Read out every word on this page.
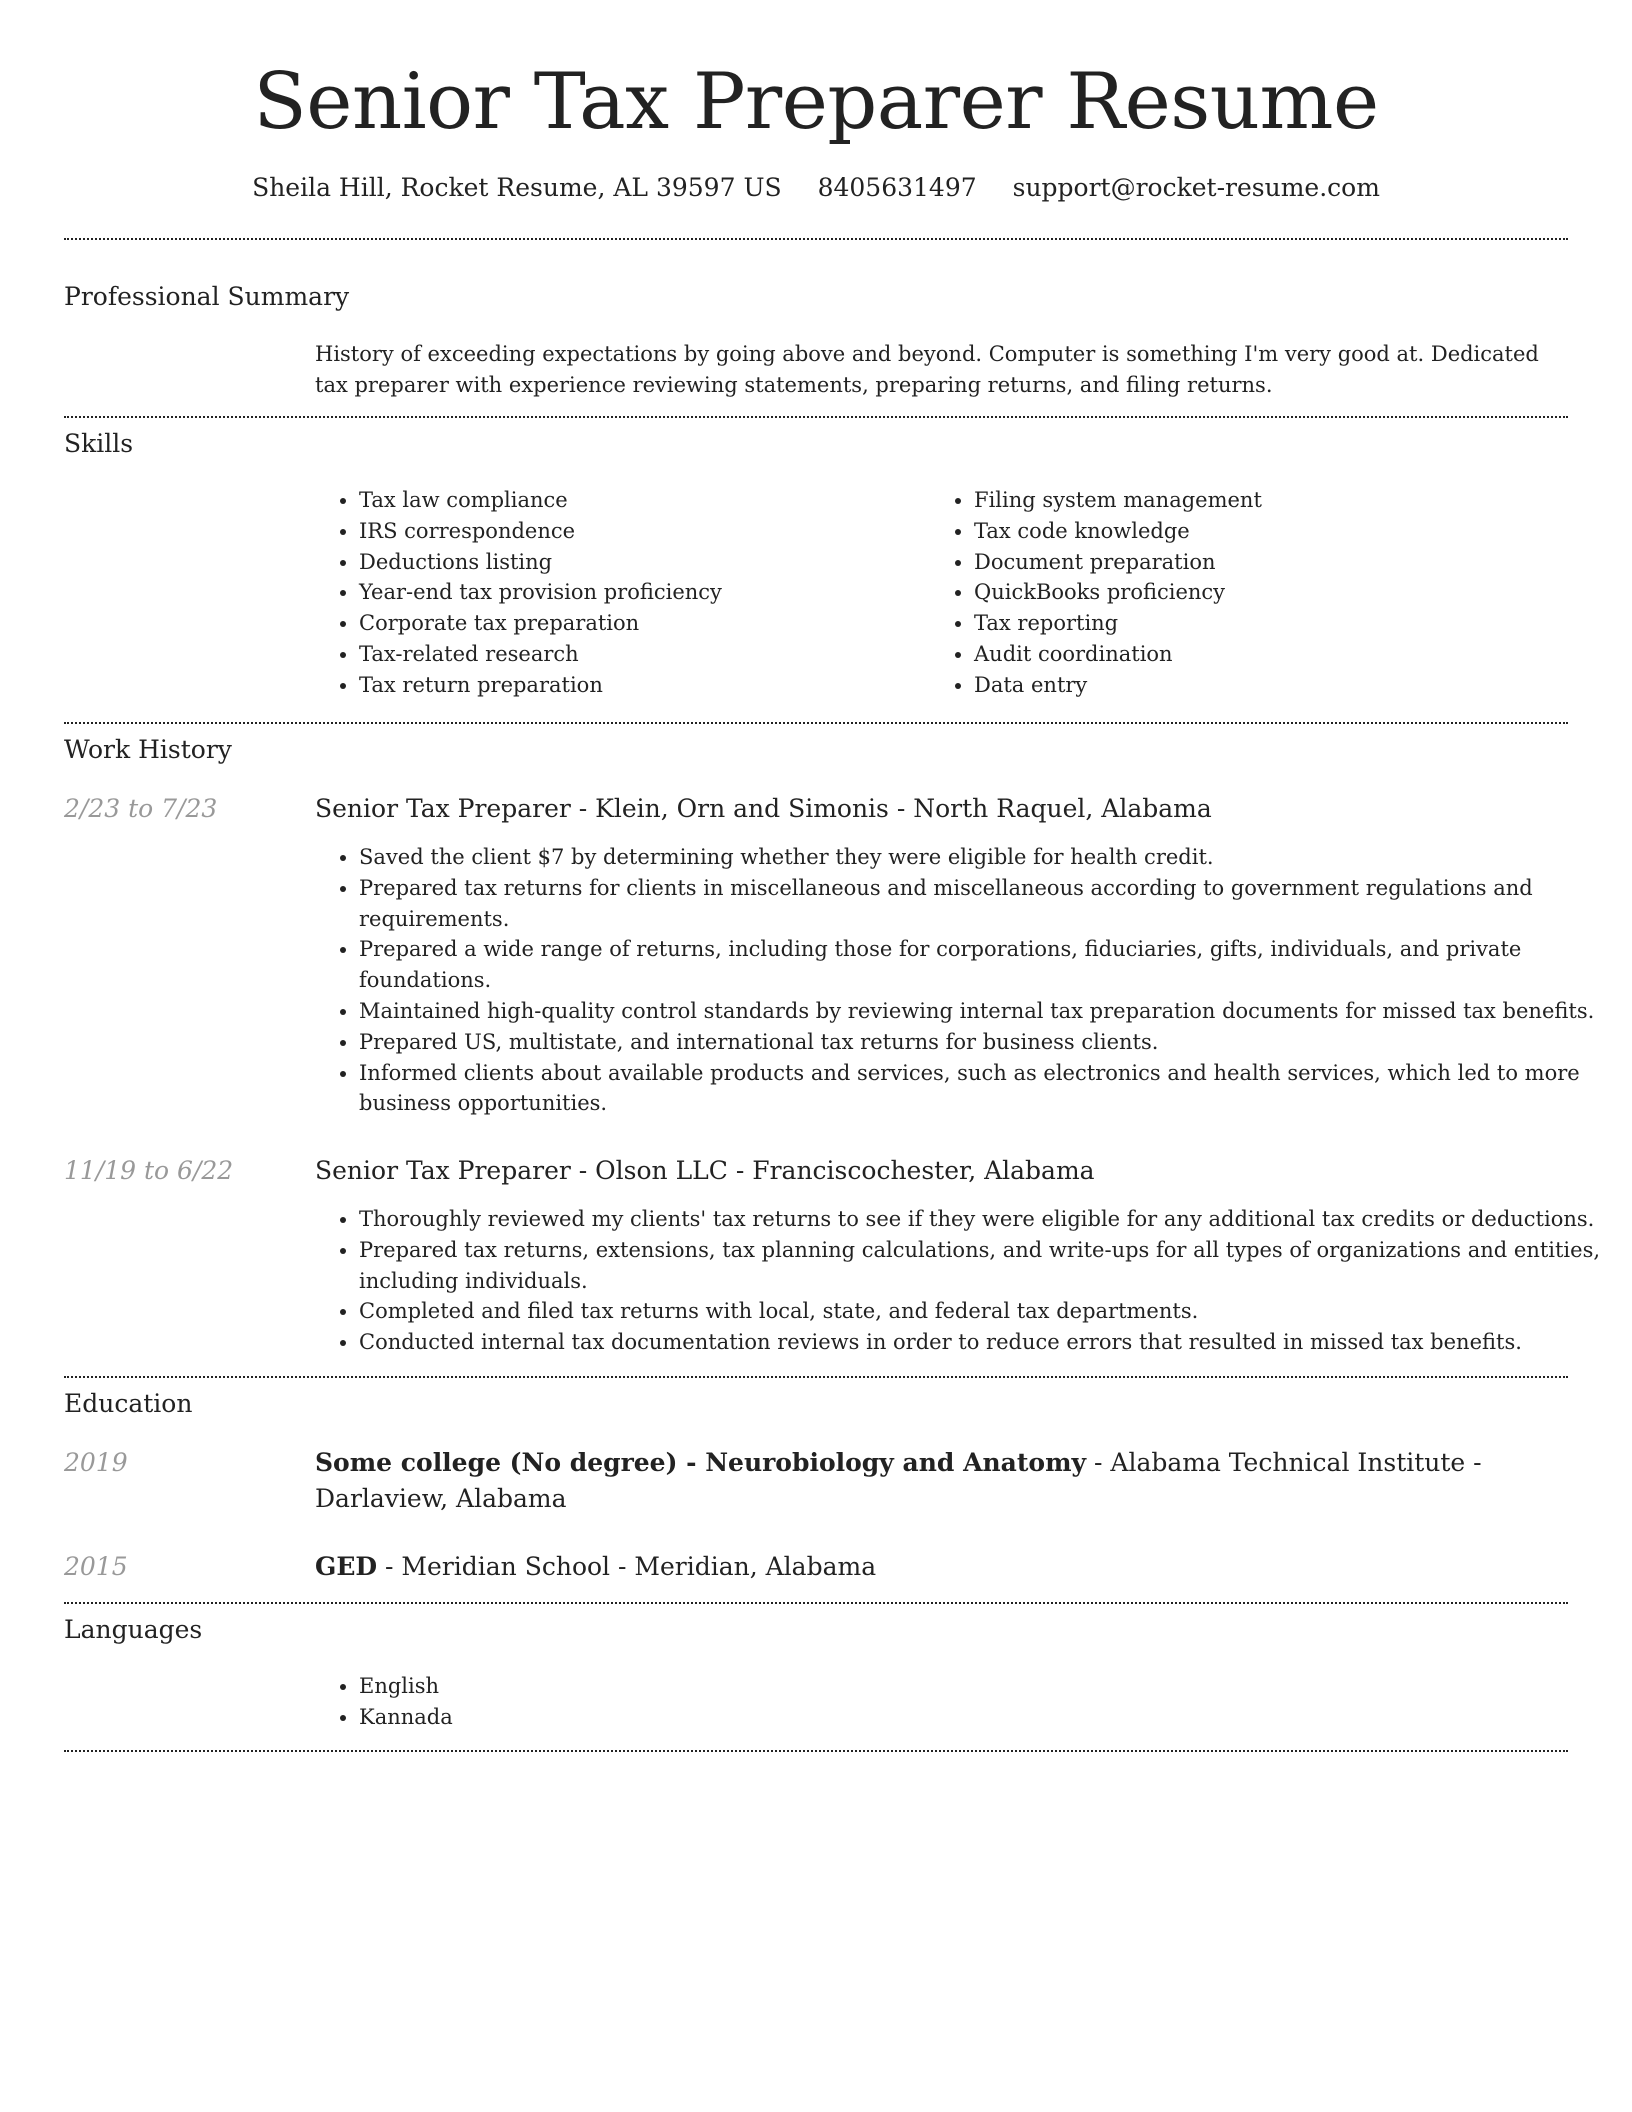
Senior Tax Preparer Resume
Sheila Hill, Rocket Resume, AL 39597 US 8405631497 support@rocket-resume.com
Professional Summary
History of exceeding expectations by going above and beyond. Computer is something I'm very good at. Dedicated tax preparer with experience reviewing statements, preparing returns, and filing returns.
Skills
• Tax law compliance
• IRS correspondence
• Deductions listing
• Year-end tax provision proficiency
• Corporate tax preparation
• Tax-related research
• Tax return preparation
• Filing system management
• Tax code knowledge
• Document preparation
• QuickBooks proficiency
• Tax reporting
• Audit coordination
• Data entry
Work History
2/23 to 7/23	Senior Tax Preparer - Klein, Orn and Simonis - North Raquel, Alabama
• Saved the client $7 by determining whether they were eligible for health credit.
• Prepared tax returns for clients in miscellaneous and miscellaneous according to government regulations and requirements.
• Prepared a wide range of returns, including those for corporations, fiduciaries, gifts, individuals, and private foundations.
• Maintained high-quality control standards by reviewing internal tax preparation documents for missed tax benefits.
• Prepared US, multistate, and international tax returns for business clients.
• Informed clients about available products and services, such as electronics and health services, which led to more business opportunities.
11/19 to 6/22	Senior Tax Preparer - Olson LLC - Franciscochester, Alabama
• Thoroughly reviewed my clients' tax returns to see if they were eligible for any additional tax credits or deductions.
• Prepared tax returns, extensions, tax planning calculations, and write-ups for all types of organizations and entities, including individuals.
• Completed and filed tax returns with local, state, and federal tax departments.
• Conducted internal tax documentation reviews in order to reduce errors that resulted in missed tax benefits.
Education
2019	Some college (No degree) - Neurobiology and Anatomy - Alabama Technical Institute - Darlaview, Alabama
2015	GED - Meridian School - Meridian, Alabama
Languages
• English
• Kannada
